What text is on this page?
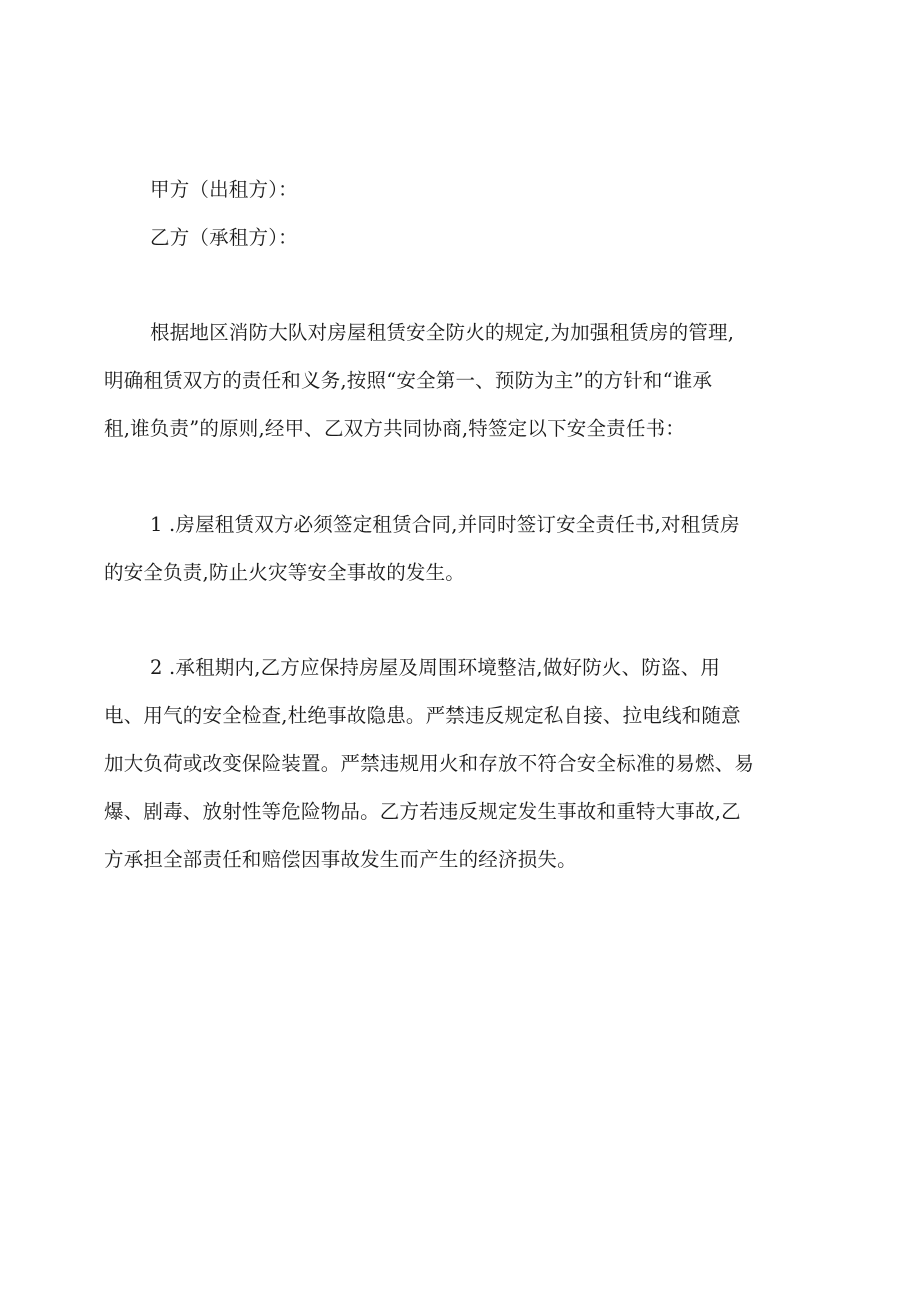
甲方（出租方）：
乙方（承租方）：
根据地区消防大队对房屋租赁安全防火的规定,为加强租赁房的管理,
明确租赁双方的责任和义务,按照“安全第一、预防为主”的方针和“谁承
租,谁负责”的原则,经甲、乙双方共同协商,特签定以下安全责任书：
1 .房屋租赁双方必须签定租赁合同,并同时签订安全责任书,对租赁房
的安全负责,防止火灾等安全事故的发生。
2 .承租期内,乙方应保持房屋及周围环境整洁,做好防火、防盗、用
电、用气的安全检查,杜绝事故隐患。严禁违反规定私自接、拉电线和随意
加大负荷或改变保险装置。严禁违规用火和存放不符合安全标准的易燃、易
爆、剧毒、放射性等危险物品。乙方若违反规定发生事故和重特大事故,乙
方承担全部责任和赔偿因事故发生而产生的经济损失。
